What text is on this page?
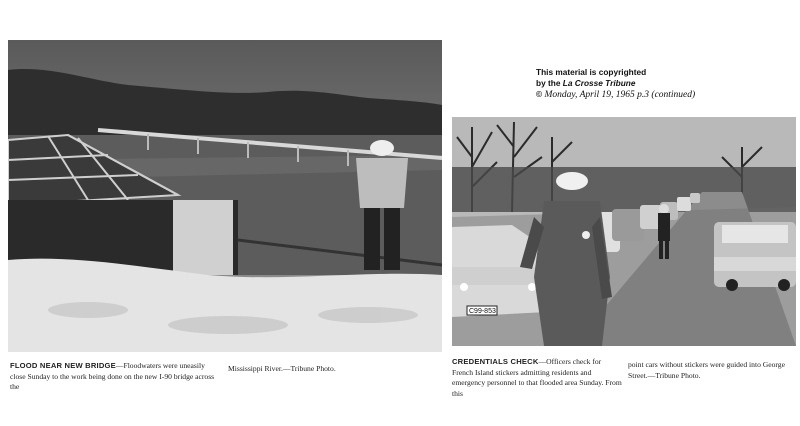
This material is copyrighted
by the La Crosse Tribune
© Monday, April 19, 1965 p.3 (continued)
FLOOD NEAR NEW BRIDGE—Floodwaters were uneasily close Sunday to the work being done on the new I-90 bridge across the
Mississippi River.—Tribune Photo.
C99-853
CREDENTIALS CHECK—Officers check for French Island stickers admitting residents and emergency personnel to that flooded area Sunday. From this
point cars without stickers were guided into George Street.—Tribune Photo.
